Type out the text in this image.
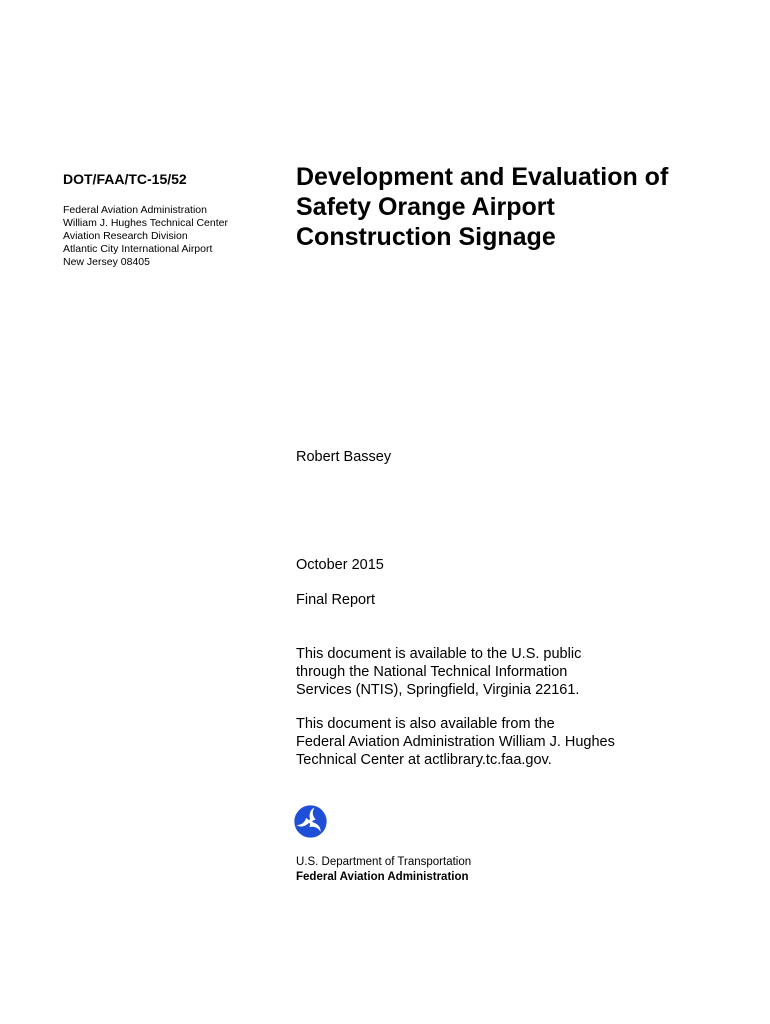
DOT/FAA/TC-15/52
Federal Aviation Administration
William J. Hughes Technical Center
Aviation Research Division
Atlantic City International Airport
New Jersey 08405
Development and Evaluation of
Safety Orange Airport
Construction Signage
Robert Bassey
October 2015
Final Report
This document is available to the U.S. public
through the National Technical Information
Services (NTIS), Springfield, Virginia 22161.
This document is also available from the
Federal Aviation Administration William J. Hughes
Technical Center at actlibrary.tc.faa.gov.
U.S. Department of Transportation
Federal Aviation Administration
